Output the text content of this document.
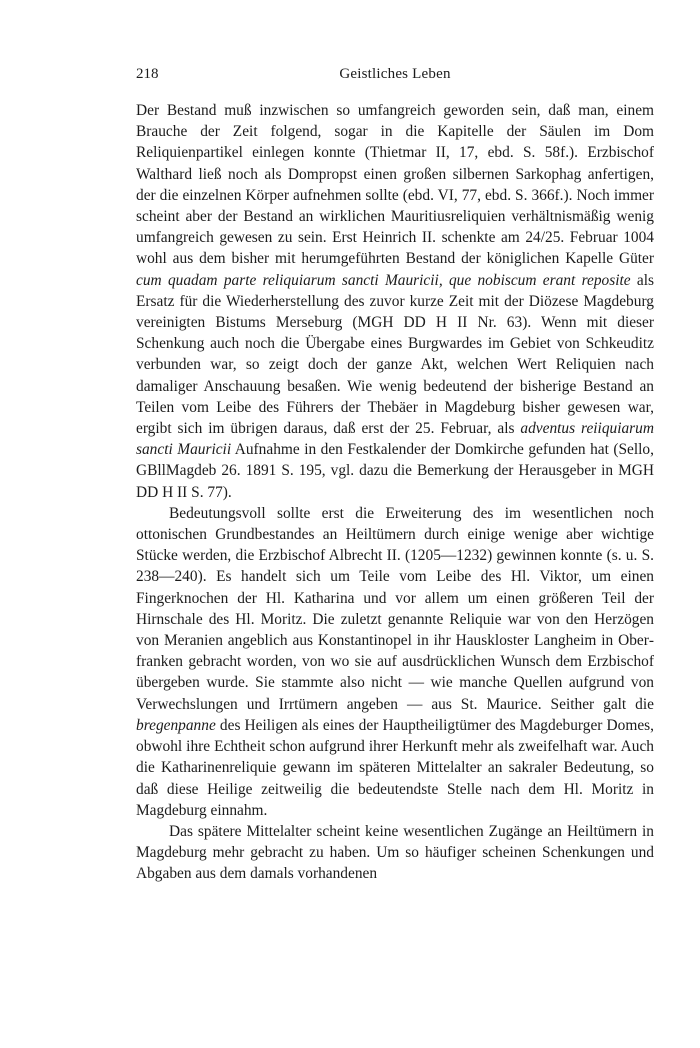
218	Geistliches Leben

Der Bestand muß inzwischen so umfangreich geworden sein, daß man, einem Brauche der Zeit folgend, sogar in die Kapitelle der Säulen im Dom Reliquienpartikel einlegen konnte (Thietmar II, 17, ebd. S. 58f.). Erzbischof Walthard ließ noch als Dompropst einen großen silbernen Sarkophag anfertigen, der die einzelnen Körper aufnehmen sollte (ebd. VI, 77, ebd. S. 366f.). Noch immer scheint aber der Bestand an wirklichen Mauritiusreliquien verhältnismäßig wenig umfangreich gewesen zu sein. Erst Heinrich II. schenkte am 24/25. Februar 1004 wohl aus dem bisher mit herumgeführten Bestand der königlichen Kapelle Güter cum quadam parte reliquiarum sancti Mauricii, que nobiscum erant reposite als Ersatz für die Wiederherstellung des zuvor kurze Zeit mit der Diözese Magdeburg vereinigten Bistums Merseburg (MGH DD H II Nr. 63). Wenn mit dieser Schenkung auch noch die Übergabe eines Burgwardes im Gebiet von Schkeuditz verbunden war, so zeigt doch der ganze Akt, welchen Wert Reliquien nach damaliger Anschauung besaßen. Wie wenig bedeutend der bisherige Bestand an Teilen vom Leibe des Führers der Thebäer in Magdeburg bisher gewesen war, ergibt sich im übrigen daraus, daß erst der 25. Februar, als adventus reiiquiarum sancti Mauricii Aufnahme in den Festkalender der Domkirche gefunden hat (Sello, GBllMagdeb 26. 1891 S. 195, vgl. dazu die Bemerkung der Herausgeber in MGH DD H II S. 77).

Bedeutungsvoll sollte erst die Erweiterung des im wesentlichen noch ottonischen Grundbestandes an Heiltümern durch einige wenige aber wichtige Stücke werden, die Erzbischof Albrecht II. (1205—1232) gewinnen konnte (s. u. S. 238—240). Es handelt sich um Teile vom Leibe des Hl. Viktor, um einen Fingerknochen der Hl. Katharina und vor allem um einen größeren Teil der Hirnschale des Hl. Moritz. Die zuletzt genannte Reliquie war von den Herzögen von Meranien angeblich aus Konstantinopel in ihr Hauskloster Langheim in Oberfranken gebracht worden, von wo sie auf ausdrücklichen Wunsch dem Erzbischof übergeben wurde. Sie stammte also nicht — wie manche Quellen aufgrund von Verwechslungen und Irrtümern angeben — aus St. Maurice. Seither galt die bregenpanne des Heiligen als eines der Hauptheiligtümer des Magdeburger Domes, obwohl ihre Echtheit schon aufgrund ihrer Herkunft mehr als zweifelhaft war. Auch die Katharinenreliquie gewann im späteren Mittelalter an sakraler Bedeutung, so daß diese Heilige zeitweilig die bedeutendste Stelle nach dem Hl. Moritz in Magdeburg einnahm.

Das spätere Mittelalter scheint keine wesentlichen Zugänge an Heiltümern in Magdeburg mehr gebracht zu haben. Um so häufiger scheinen Schenkungen und Abgaben aus dem damals vorhandenen
